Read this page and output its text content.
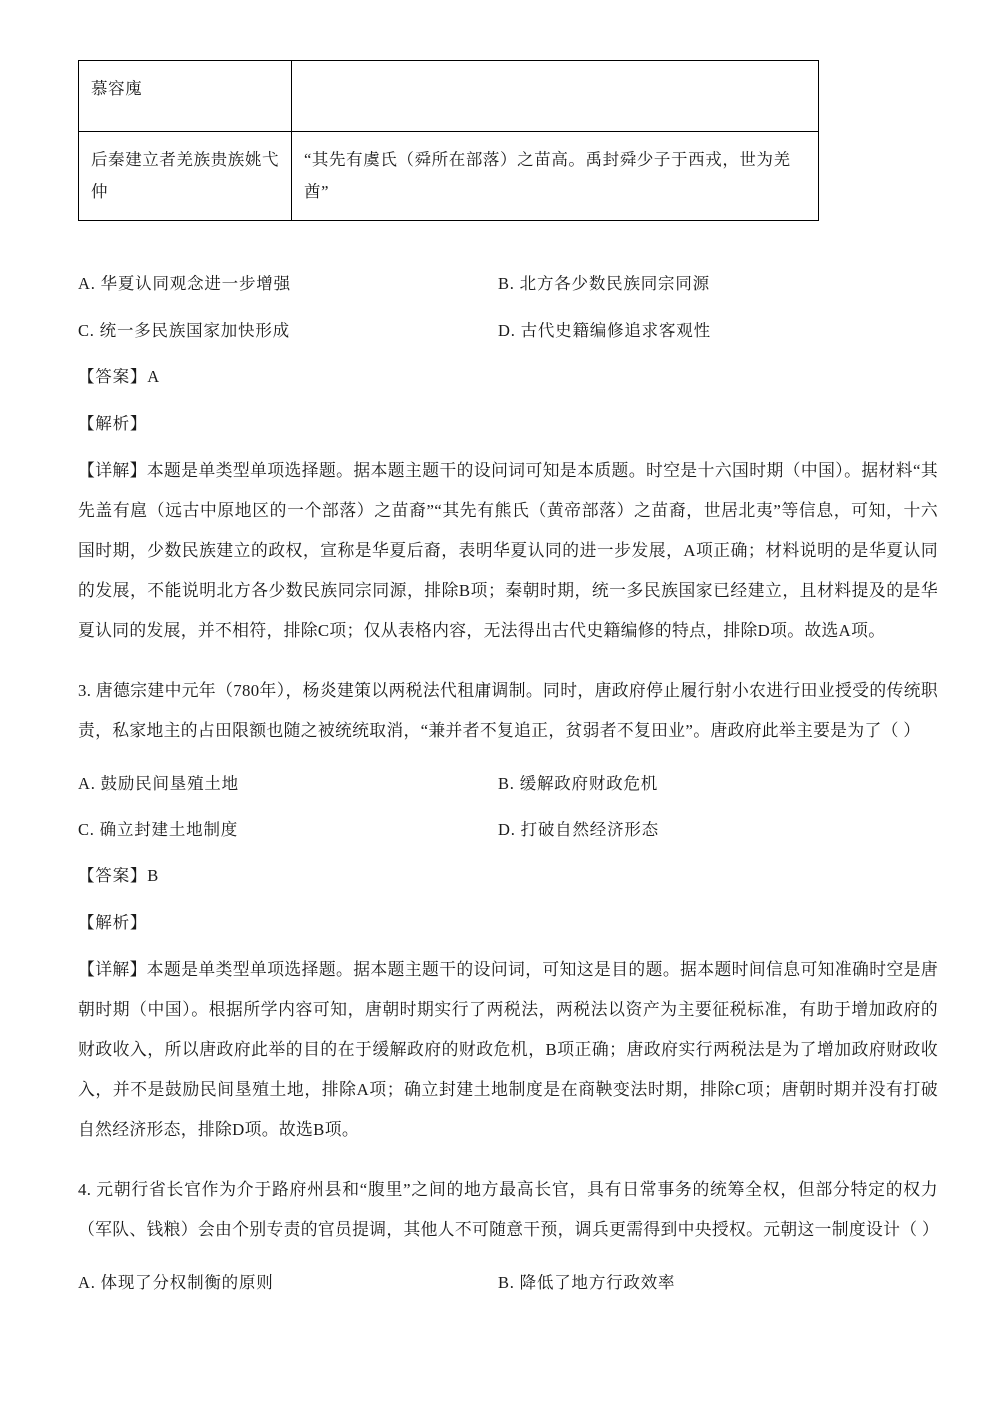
慕容廆	
后秦建立者羌族贵族姚弋仲	“其先有虞氏（舜所在部落）之苗高。禹封舜少子于西戎，世为羌酋”
A. 华夏认同观念进一步增强	B. 北方各少数民族同宗同源
C. 统一多民族国家加快形成	D. 古代史籍编修追求客观性
【答案】A
【解析】
【详解】本题是单类型单项选择题。据本题主题干的设问词可知是本质题。时空是十六国时期（中国）。据材料“其先盖有扈（远古中原地区的一个部落）之苗裔”“其先有熊氏（黄帝部落）之苗裔，世居北夷”等信息，可知，十六国时期，少数民族建立的政权，宣称是华夏后裔，表明华夏认同的进一步发展，A项正确；材料说明的是华夏认同的发展，不能说明北方各少数民族同宗同源，排除B项；秦朝时期，统一多民族国家已经建立，且材料提及的是华夏认同的发展，并不相符，排除C项；仅从表格内容，无法得出古代史籍编修的特点，排除D项。故选A项。
3. 唐德宗建中元年（780年），杨炎建策以两税法代租庸调制。同时，唐政府停止履行射小农进行田业授受的传统职责，私家地主的占田限额也随之被统统取消，“兼并者不复追正，贫弱者不复田业”。唐政府此举主要是为了（ ）
A. 鼓励民间垦殖土地	B. 缓解政府财政危机
C. 确立封建土地制度	D. 打破自然经济形态
【答案】B
【解析】
【详解】本题是单类型单项选择题。据本题主题干的设问词，可知这是目的题。据本题时间信息可知准确时空是唐朝时期（中国）。根据所学内容可知，唐朝时期实行了两税法，两税法以资产为主要征税标准，有助于增加政府的财政收入，所以唐政府此举的目的在于缓解政府的财政危机，B项正确；唐政府实行两税法是为了增加政府财政收入，并不是鼓励民间垦殖土地，排除A项；确立封建土地制度是在商鞅变法时期，排除C项；唐朝时期并没有打破自然经济形态，排除D项。故选B项。
4. 元朝行省长官作为介于路府州县和“腹里”之间的地方最高长官，具有日常事务的统筹全权，但部分特定的权力（军队、钱粮）会由个别专责的官员提调，其他人不可随意干预，调兵更需得到中央授权。元朝这一制度设计（ ）
A. 体现了分权制衡的原则	B. 降低了地方行政效率
